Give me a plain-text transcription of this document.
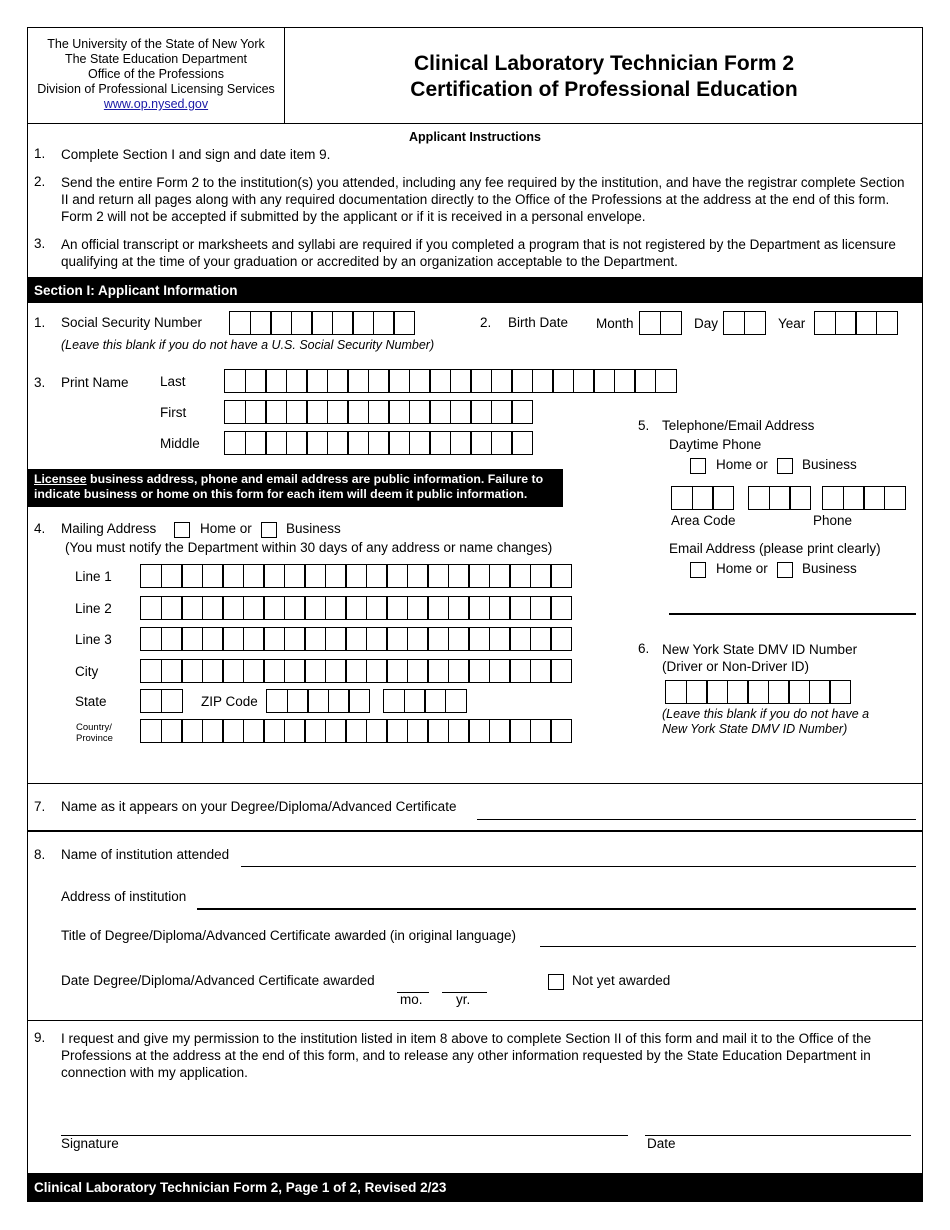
The University of the State of New York
The State Education Department
Office of the Professions
Division of Professional Licensing Services
www.op.nysed.gov
Clinical Laboratory Technician Form 2
Certification of Professional Education
Applicant Instructions
1. Complete Section I and sign and date item 9.
2. Send the entire Form 2 to the institution(s) you attended, including any fee required by the institution, and have the registrar complete Section II and return all pages along with any required documentation directly to the Office of the Professions at the address at the end of this form. Form 2 will not be accepted if submitted by the applicant or if it is received in a personal envelope.
3. An official transcript or marksheets and syllabi are required if you completed a program that is not registered by the Department as licensure qualifying at the time of your graduation or accredited by an organization acceptable to the Department.
Section I: Applicant Information
1. Social Security Number
(Leave this blank if you do not have a U.S. Social Security Number)
2. Birth Date Month	Day	Year
3. Print Name Last
First
Middle
Licensee business address, phone and email address are public information. Failure to indicate business or home on this form for each item will deem it public information.
4. Mailing Address	Home or	Business
(You must notify the Department within 30 days of any address or name changes)
Line 1
Line 2
Line 3
City
State	ZIP Code
Country/
Province
5. Telephone/Email Address
Daytime Phone
Home or	Business
Area Code	Phone
Email Address (please print clearly)
Home or	Business
6. New York State DMV ID Number
(Driver or Non-Driver ID)
(Leave this blank if you do not have a
New York State DMV ID Number)
7. Name as it appears on your Degree/Diploma/Advanced Certificate
8. Name of institution attended
Address of institution
Title of Degree/Diploma/Advanced Certificate awarded (in original language)
Date Degree/Diploma/Advanced Certificate awarded
mo. yr.
Not yet awarded
9. I request and give my permission to the institution listed in item 8 above to complete Section II of this form and mail it to the Office of the Professions at the address at the end of this form, and to release any other information requested by the State Education Department in connection with my application.
Signature	Date
Clinical Laboratory Technician Form 2, Page 1 of 2, Revised 2/23
